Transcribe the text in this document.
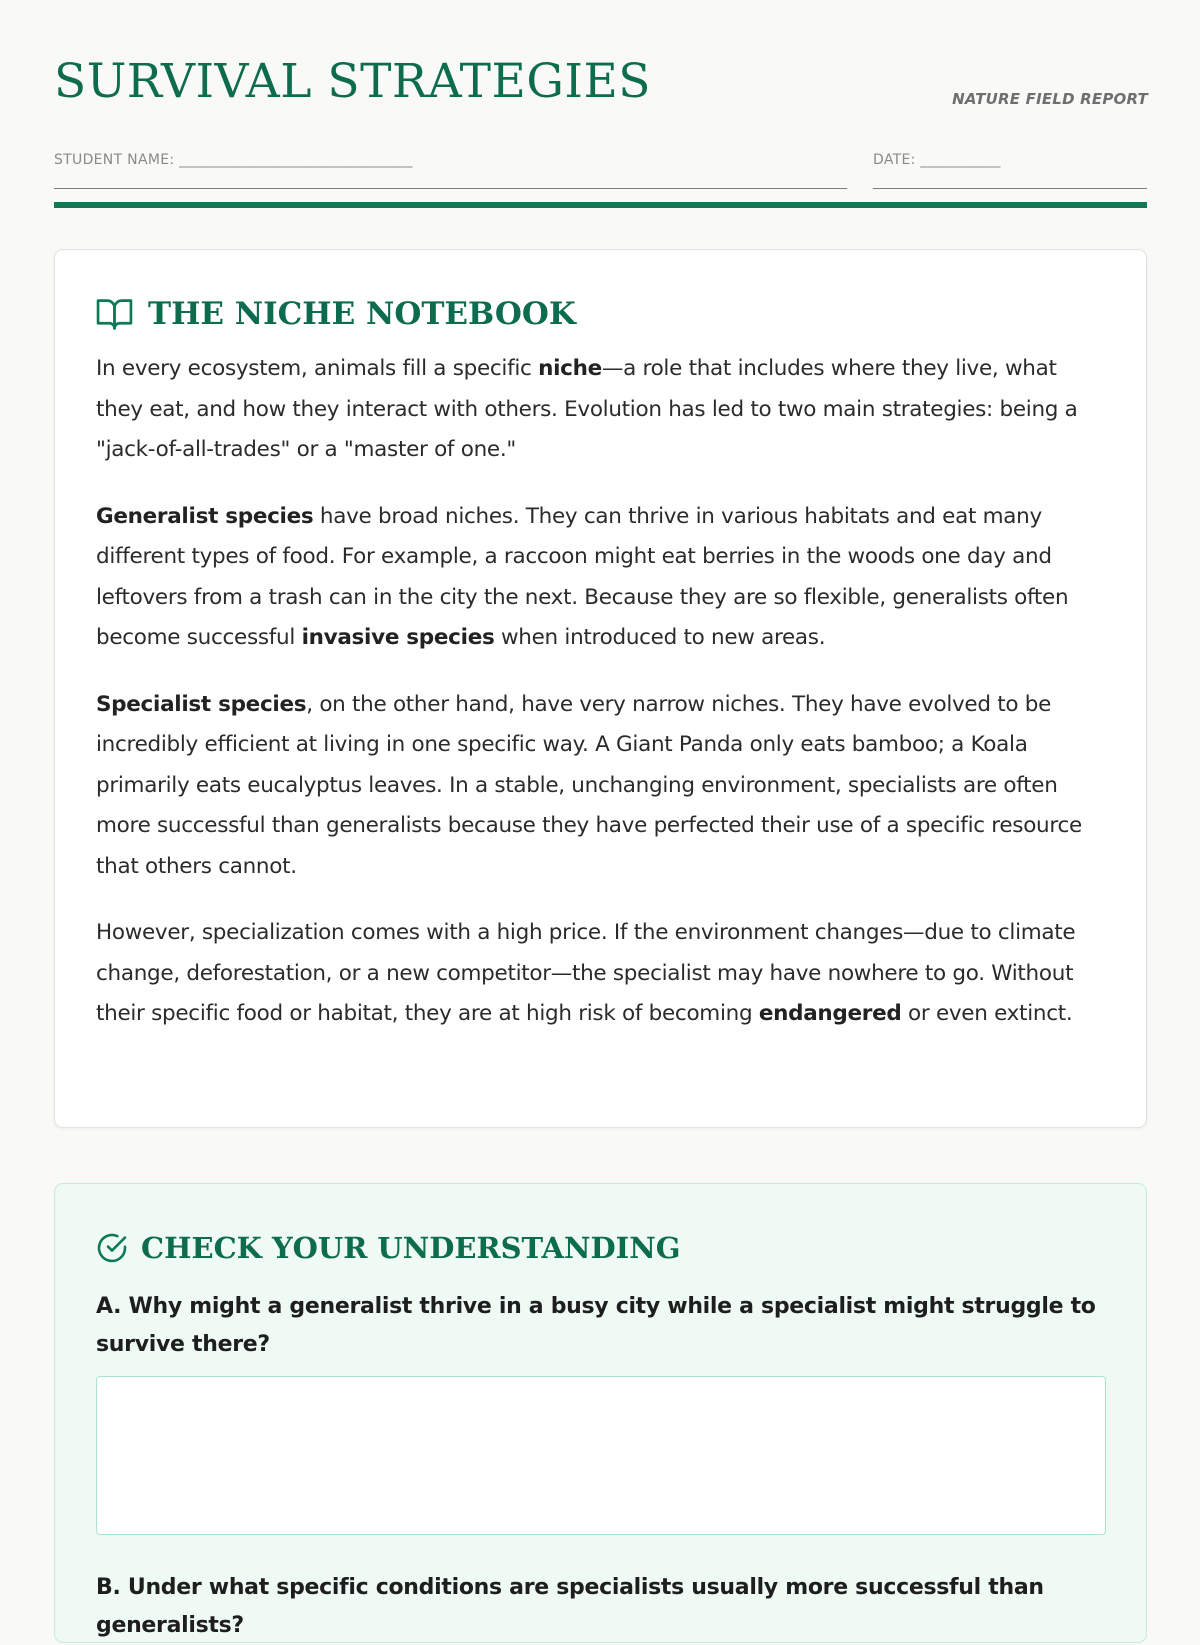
SURVIVAL STRATEGIES	NATURE FIELD REPORT
STUDENT NAME: ________________________________	DATE: ___________
THE NICHE NOTEBOOK

In every ecosystem, animals fill a specific niche—a role that includes where they live, what they eat, and how they interact with others. Evolution has led to two main strategies: being a "jack-of-all-trades" or a "master of one."

Generalist species have broad niches. They can thrive in various habitats and eat many different types of food. For example, a raccoon might eat berries in the woods one day and leftovers from a trash can in the city the next. Because they are so flexible, generalists often become successful invasive species when introduced to new areas.

Specialist species, on the other hand, have very narrow niches. They have evolved to be incredibly efficient at living in one specific way. A Giant Panda only eats bamboo; a Koala primarily eats eucalyptus leaves. In a stable, unchanging environment, specialists are often more successful than generalists because they have perfected their use of a specific resource that others cannot.

However, specialization comes with a high price. If the environment changes—due to climate change, deforestation, or a new competitor—the specialist may have nowhere to go. Without their specific food or habitat, they are at high risk of becoming endangered or even extinct.

CHECK YOUR UNDERSTANDING

A. Why might a generalist thrive in a busy city while a specialist might struggle to survive there?

B. Under what specific conditions are specialists usually more successful than generalists?
